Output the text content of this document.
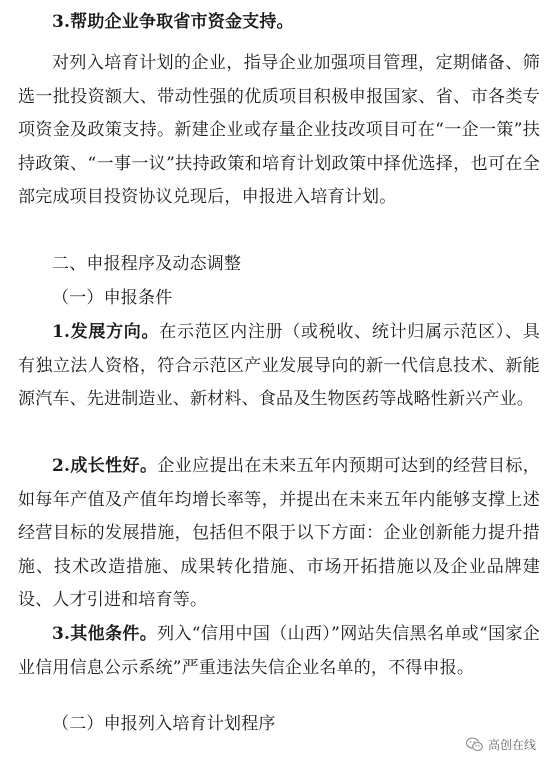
3.帮助企业争取省市资金支持。

对列入培育计划的企业，指导企业加强项目管理，定期储备、筛选一批投资额大、带动性强的优质项目积极申报国家、省、市各类专项资金及政策支持。新建企业或存量企业技改项目可在“一企一策”扶持政策、“一事一议”扶持政策和培育计划政策中择优选择，也可在全部完成项目投资协议兑现后，申报进入培育计划。

二、申报程序及动态调整

（一）申报条件

1.发展方向。在示范区内注册（或税收、统计归属示范区）、具有独立法人资格，符合示范区产业发展导向的新一代信息技术、新能源汽车、先进制造业、新材料、食品及生物医药等战略性新兴产业。

2.成长性好。企业应提出在未来五年内预期可达到的经营目标，如每年产值及产值年均增长率等，并提出在未来五年内能够支撑上述经营目标的发展措施，包括但不限于以下方面：企业创新能力提升措施、技术改造措施、成果转化措施、市场开拓措施以及企业品牌建设、人才引进和培育等。

3.其他条件。列入“信用中国（山西）”网站失信黑名单或“国家企业信用信息公示系统”严重违法失信企业名单的，不得申报。

（二）申报列入培育计划程序

高创在线
